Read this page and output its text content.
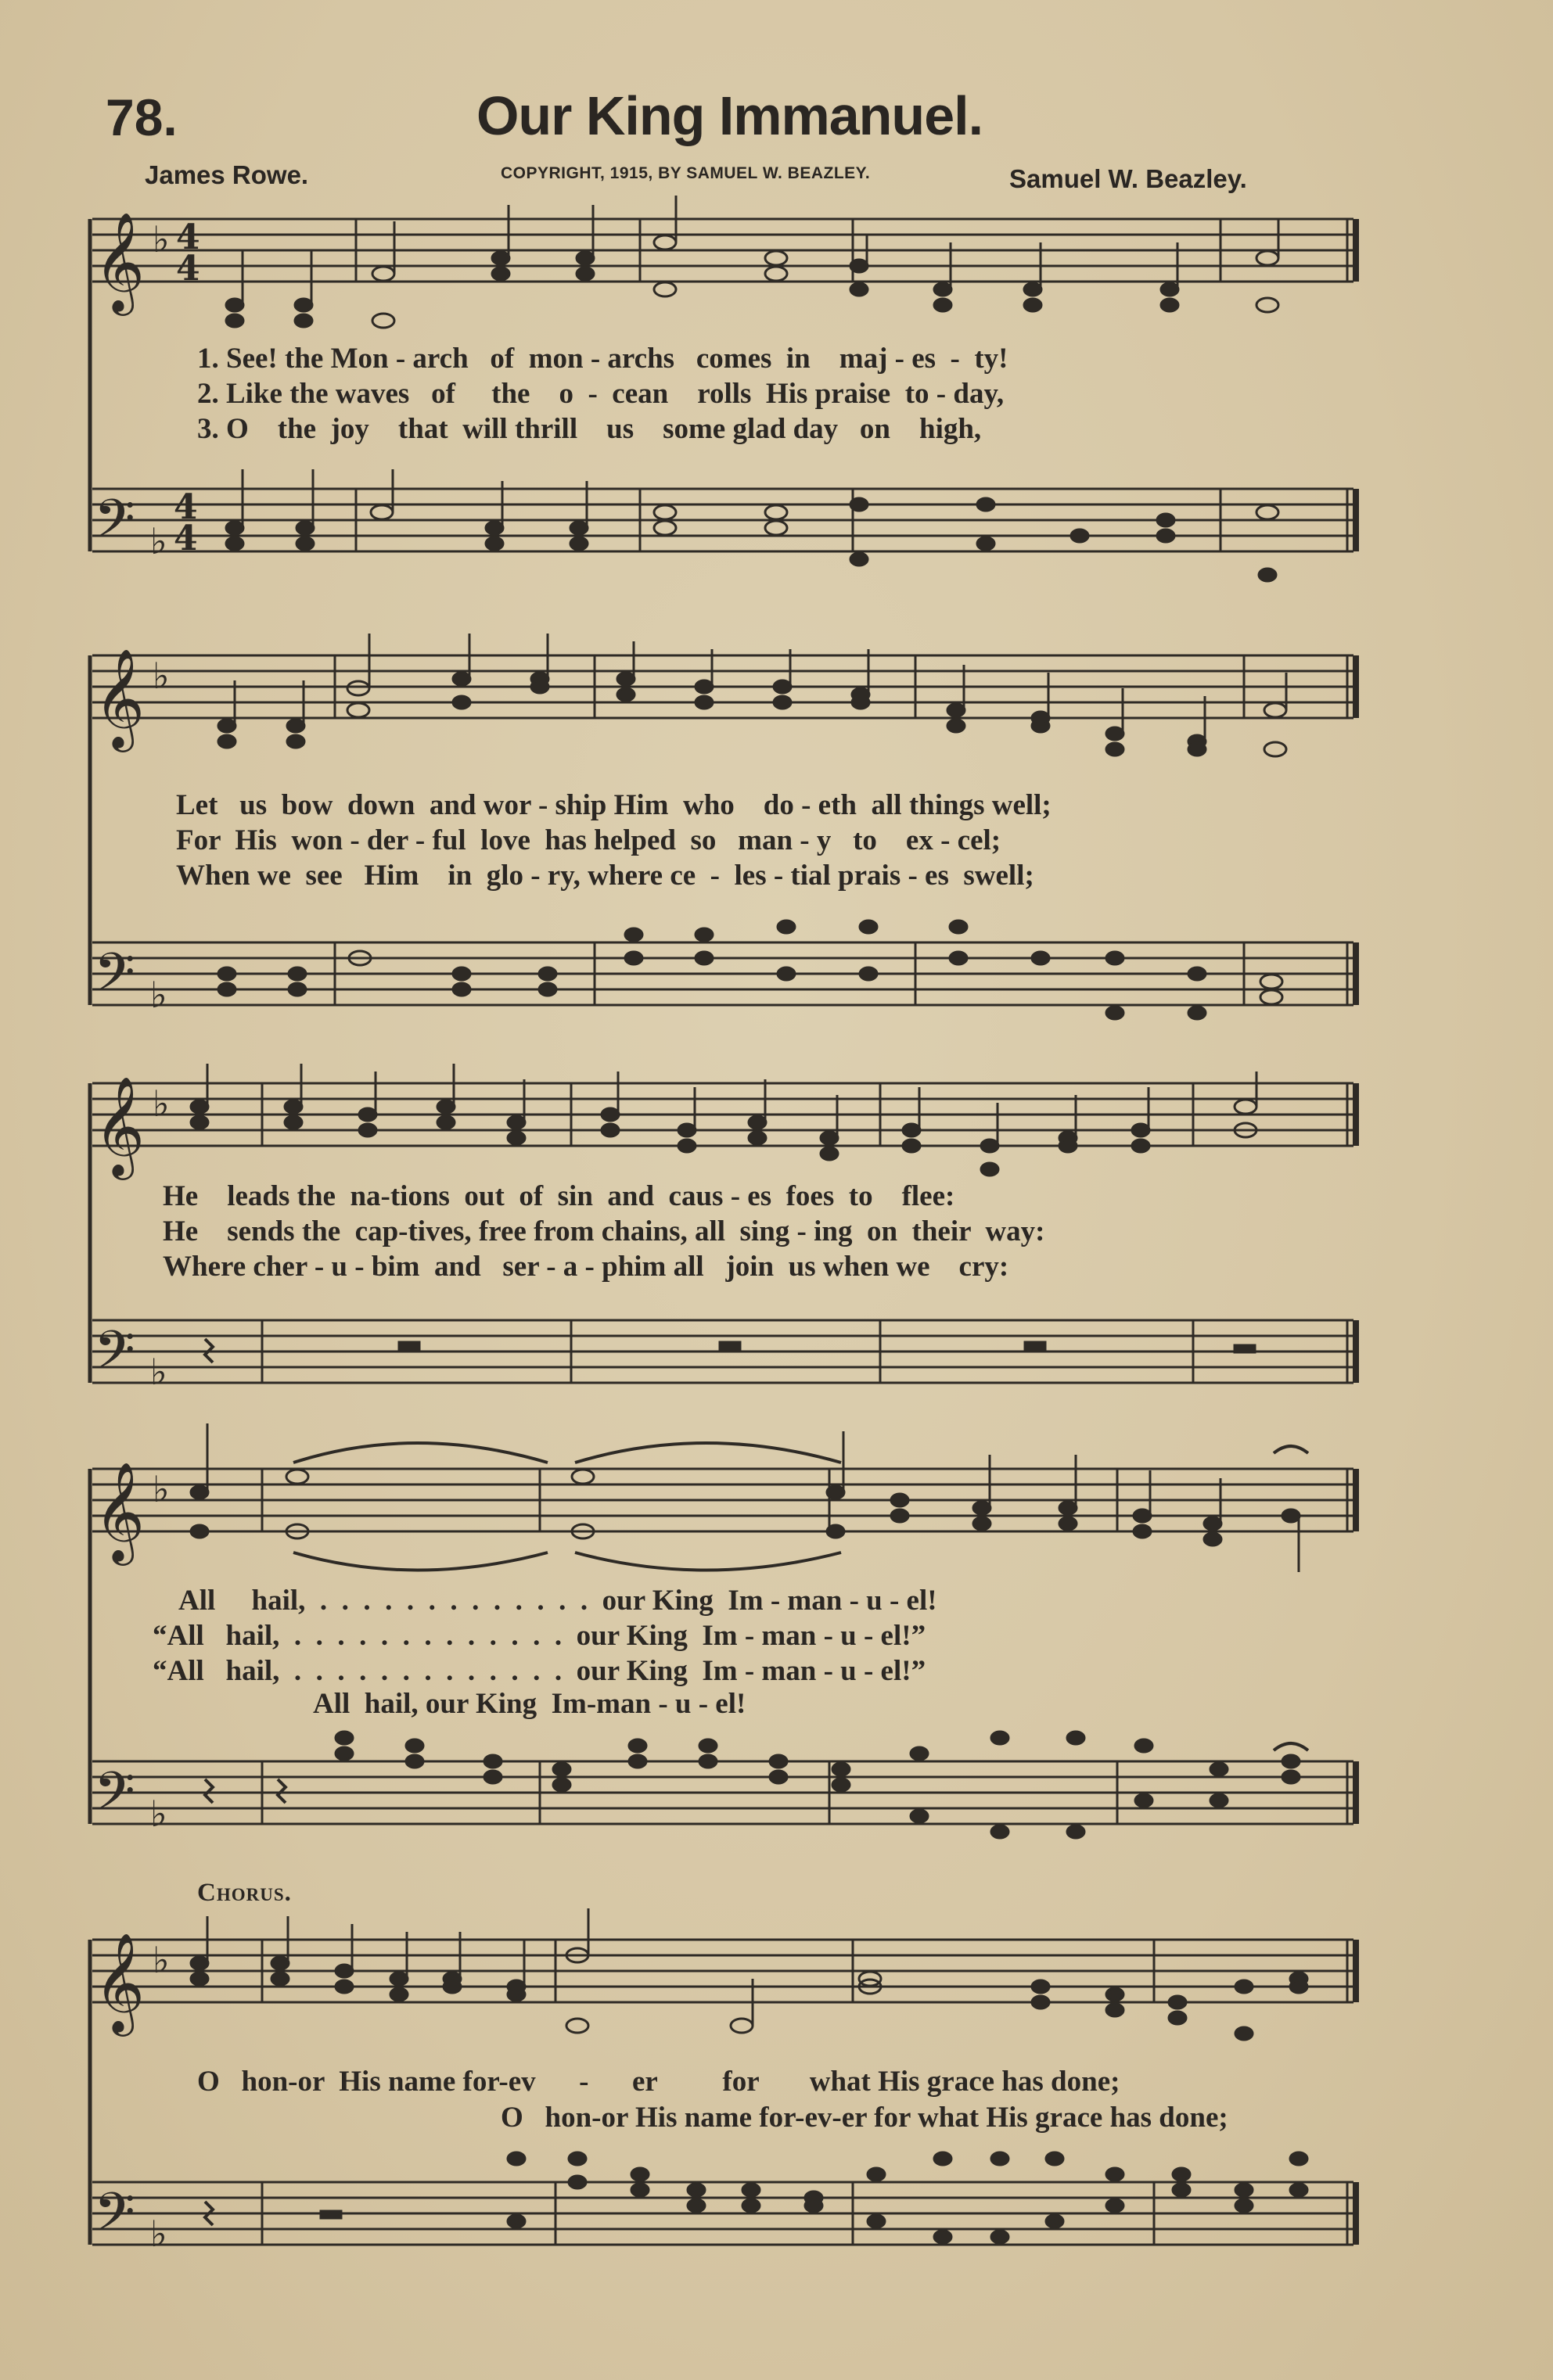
78.	Our King Immanuel.
James Rowe.	COPYRIGHT, 1915, BY SAMUEL W. BEAZLEY.	Samuel W. Beazley.
𝄞
𝄢
𝄞
𝄢
𝄞
𝄢
𝄞
𝄢
𝄞
𝄢
♭
♭
♭
♭
♭
♭
♭
♭
♭
♭
4
4
4
4
1. See! the Mon - arch   of  mon - archs   comes  in    maj - es  -  ty!
2. Like the waves   of     the    o  -  cean    rolls  His praise  to - day,
3. O    the  joy    that  will thrill    us    some glad day   on    high,
Let   us  bow  down  and wor - ship Him  who    do - eth  all things well;
For  His  won - der - ful  love  has helped  so   man - y   to    ex - cel;
When we  see   Him    in  glo - ry, where ce  -  les - tial prais - es  swell;
He    leads the  na-tions  out  of  sin  and  caus - es  foes  to    flee:
He    sends the  cap-tives, free from chains, all  sing - ing  on  their  way:
Where cher - u - bim  and   ser - a - phim all   join  us when we    cry:
All     hail,  .  .  .  .  .  .  .  .  .  .  .  .  .  our King  Im - man - u - el!
“All   hail,  .  .  .  .  .  .  .  .  .  .  .  .  .  our King  Im - man - u - el!”
“All   hail,  .  .  .  .  .  .  .  .  .  .  .  .  .  our King  Im - man - u - el!”
All  hail, our King  Im-man - u - el!
Chorus.
O   hon-or  His name for-ev      -      er         for       what His grace has done;
O   hon-or His name for-ev-er for what His grace has done;
